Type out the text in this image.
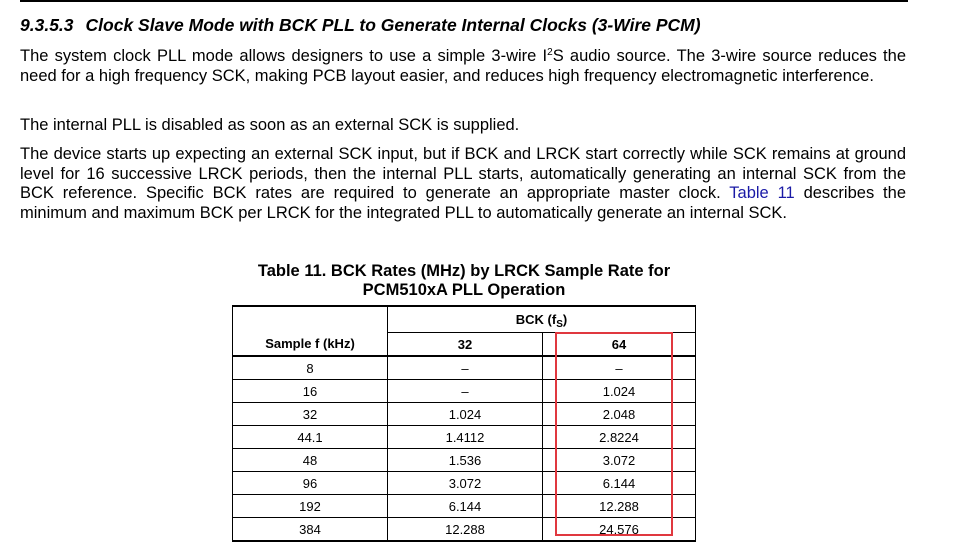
9.3.5.3 Clock Slave Mode with BCK PLL to Generate Internal Clocks (3-Wire PCM)
The system clock PLL mode allows designers to use a simple 3-wire $I^2S$ audio source. The 3-wire source reduces the need for a high frequency SCK, making PCB layout easier, and reduces high frequency electromagnetic interference.
The internal PLL is disabled as soon as an external SCK is supplied.
The device starts up expecting an external SCK input, but if BCK and LRCK start correctly while SCK remains at ground level for 16 successive LRCK periods, then the internal PLL starts, automatically generating an internal SCK from the BCK reference. Specific BCK rates are required to generate an appropriate master clock. Table 11 describes the minimum and maximum BCK per LRCK for the integrated PLL to automatically generate an internal SCK.
Table 11. BCK Rates (MHz) by LRCK Sample Rate for
PCM510xA PLL Operation
	BCK $(f_S)$	
Sample f (kHz)	32	64
8	–	–
16	–	1.024
32	1.024	2.048
44.1	1.4112	2.8224
48	1.536	3.072
96	3.072	6.144
192	6.144	12.288
384	12.288	24.576
